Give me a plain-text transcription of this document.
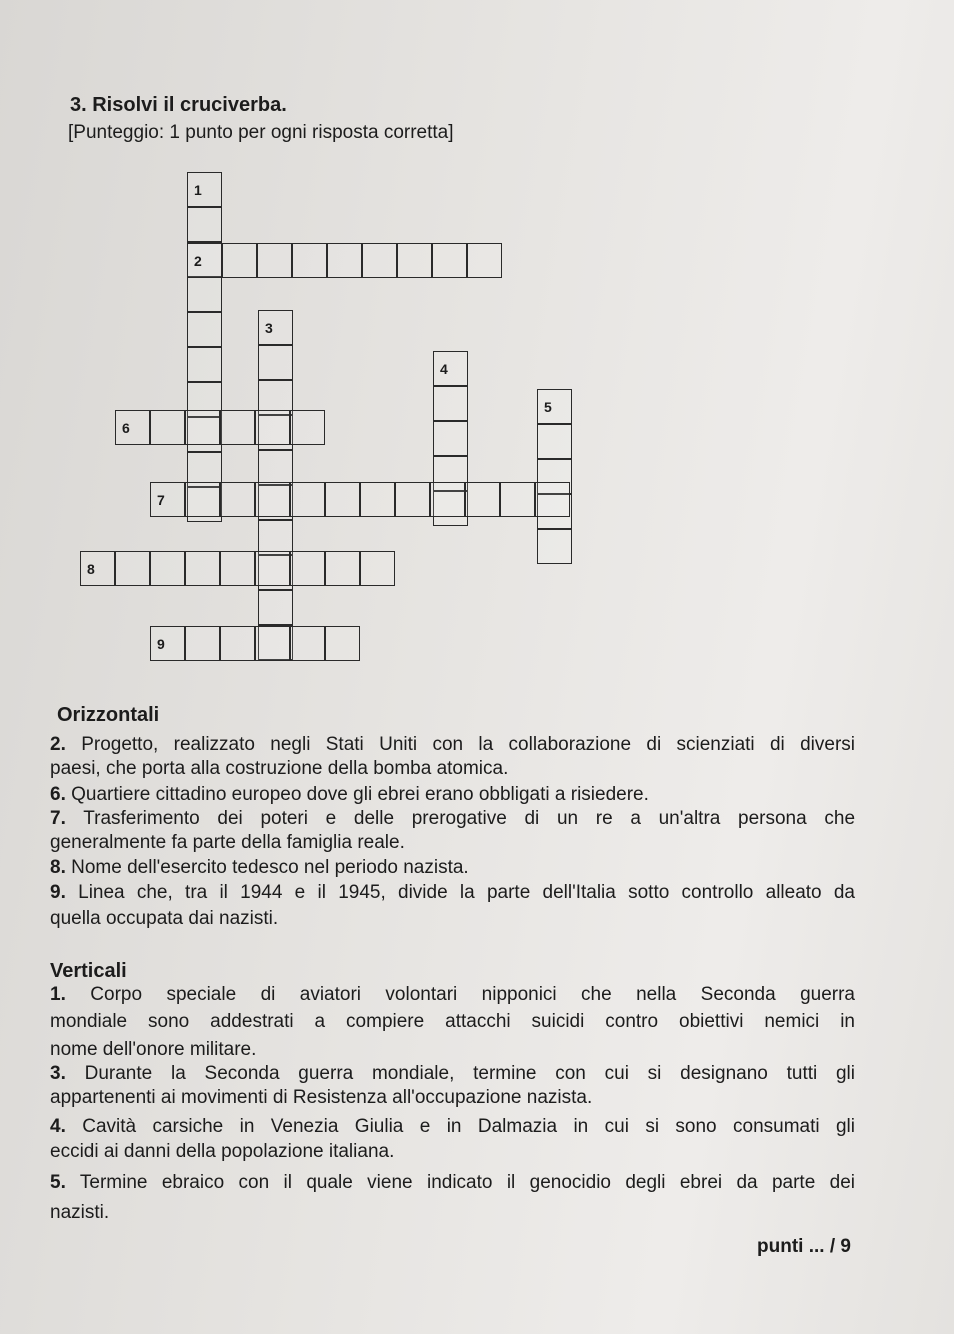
3. Risolvi il cruciverba.
[Punteggio: 1 punto per ogni risposta corretta]
1
2
3
4
5
6
7
8
9
Orizzontali
2. Progetto, realizzato negli Stati Uniti con la collaborazione di scienziati di diversi
paesi, che porta alla costruzione della bomba atomica.
6. Quartiere cittadino europeo dove gli ebrei erano obbligati a risiedere.
7. Trasferimento dei poteri e delle prerogative di un re a un'altra persona che
generalmente fa parte della famiglia reale.
8. Nome dell'esercito tedesco nel periodo nazista.
9. Linea che, tra il 1944 e il 1945, divide la parte dell'Italia sotto controllo alleato da
quella occupata dai nazisti.
Verticali
1. Corpo speciale di aviatori volontari nipponici che nella Seconda guerra
mondiale sono addestrati a compiere attacchi suicidi contro obiettivi nemici in
nome dell'onore militare.
3. Durante la Seconda guerra mondiale, termine con cui si designano tutti gli
appartenenti ai movimenti di Resistenza all'occupazione nazista.
4. Cavità carsiche in Venezia Giulia e in Dalmazia in cui si sono consumati gli
eccidi ai danni della popolazione italiana.
5. Termine ebraico con il quale viene indicato il genocidio degli ebrei da parte dei
nazisti.
punti ... / 9
